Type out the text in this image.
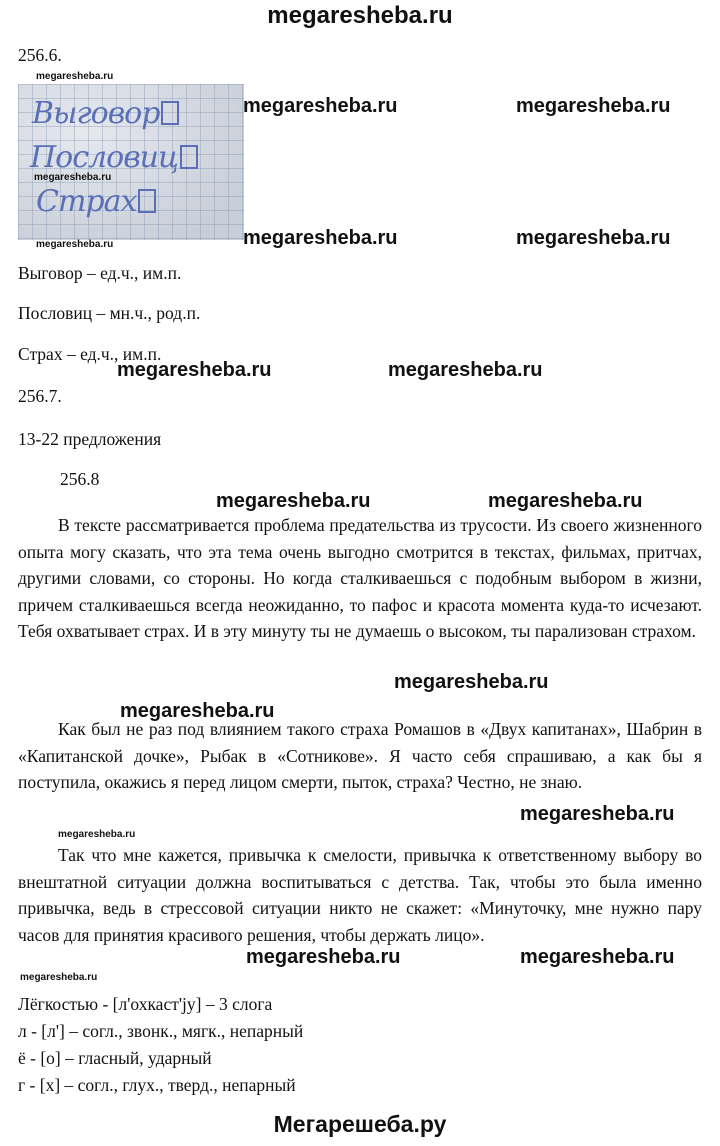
megaresheba.ru
256.6.
megaresheba.ru
Выговор
Пословиц
Страх
megaresheba.ru
megaresheba.ru
megaresheba.ru	megaresheba.ru
megaresheba.ru	megaresheba.ru
Выговор – ед.ч., им.п.
Пословиц – мн.ч., род.п.
Страх – ед.ч., им.п.
megaresheba.ru	megaresheba.ru
256.7.
13-22 предложения
256.8
megaresheba.ru	megaresheba.ru
В тексте рассматривается проблема предательства из трусости. Из своего жизненного опыта могу сказать, что эта тема очень выгодно смотрится в текстах, фильмах, притчах, другими словами, со стороны. Но когда сталкиваешься с подобным выбором в жизни, причем сталкиваешься всегда неожиданно, то пафос и красота момента куда-то исчезают. Тебя охватывает страх. И в эту минуту ты не думаешь о высоком, ты парализован страхом.
megaresheba.ru
megaresheba.ru
Как был не раз под влиянием такого страха Ромашов в «Двух капитанах», Шабрин в «Капитанской дочке», Рыбак в «Сотникове». Я часто себя спрашиваю, а как бы я поступила, окажись я перед лицом смерти, пыток, страха? Честно, не знаю.
megaresheba.ru
megaresheba.ru
Так что мне кажется, привычка к смелости, привычка к ответственному выбору во внештатной ситуации должна воспитываться с детства. Так, чтобы это была именно привычка, ведь в стрессовой ситуации никто не скажет: «Минуточку, мне нужно пару часов для принятия красивого решения, чтобы держать лицо».
megaresheba.ru	megaresheba.ru
megaresheba.ru
Лёгкостью - [л'охкаст'jу] – 3 слога
л - [л'] – согл., звонк., мягк., непарный
ё - [о] – гласный, ударный
г - [х] – согл., глух., тверд., непарный
Мегарешеба.ру
